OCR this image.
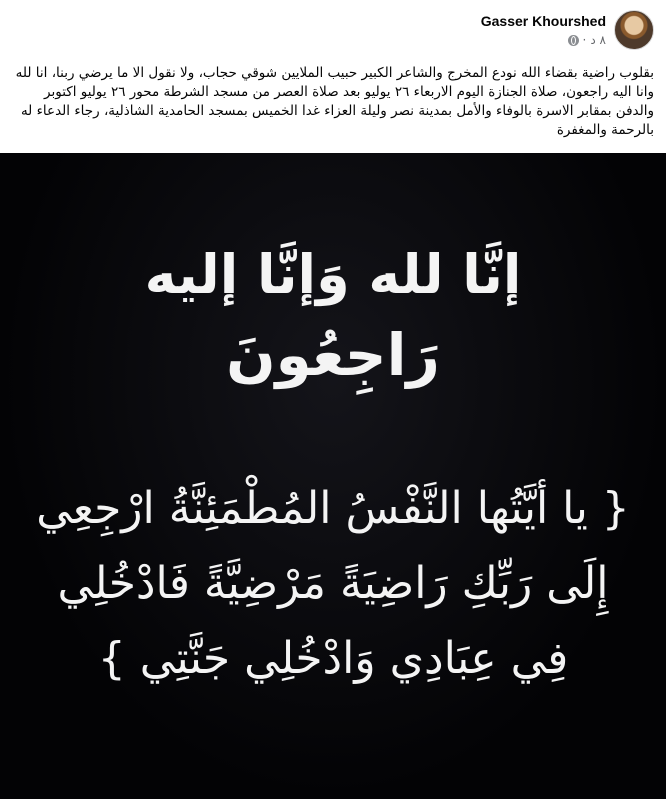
Gasser Khourshed
٨ د
·
بقلوب راضية بقضاء الله نودع المخرج والشاعر الكبير حبيب الملايين شوقي حجاب، ولا نقول الا ما يرضي ربنا، انا لله وانا اليه راجعون، صلاة الجنازة اليوم الاربعاء ٢٦ يوليو بعد صلاة العصر من مسجد الشرطة محور ٢٦ يوليو اكتوبر والدفن بمقابر الاسرة بالوفاء والأمل بمدينة نصر وليلة العزاء غدا الخميس بمسجد الحامدية الشاذلية، رجاء الدعاء له بالرحمة والمغفرة
إنَّا لله وَإنَّا إليه
رَاجِعُونَ
{ يا أيَّتُها النَّفْسُ المُطْمَئِنَّةُ ارْجِعِي
إِلَى رَبِّكِ رَاضِيَةً مَرْضِيَّةً فَادْخُلِي
فِي عِبَادِي وَادْخُلِي جَنَّتِي }
